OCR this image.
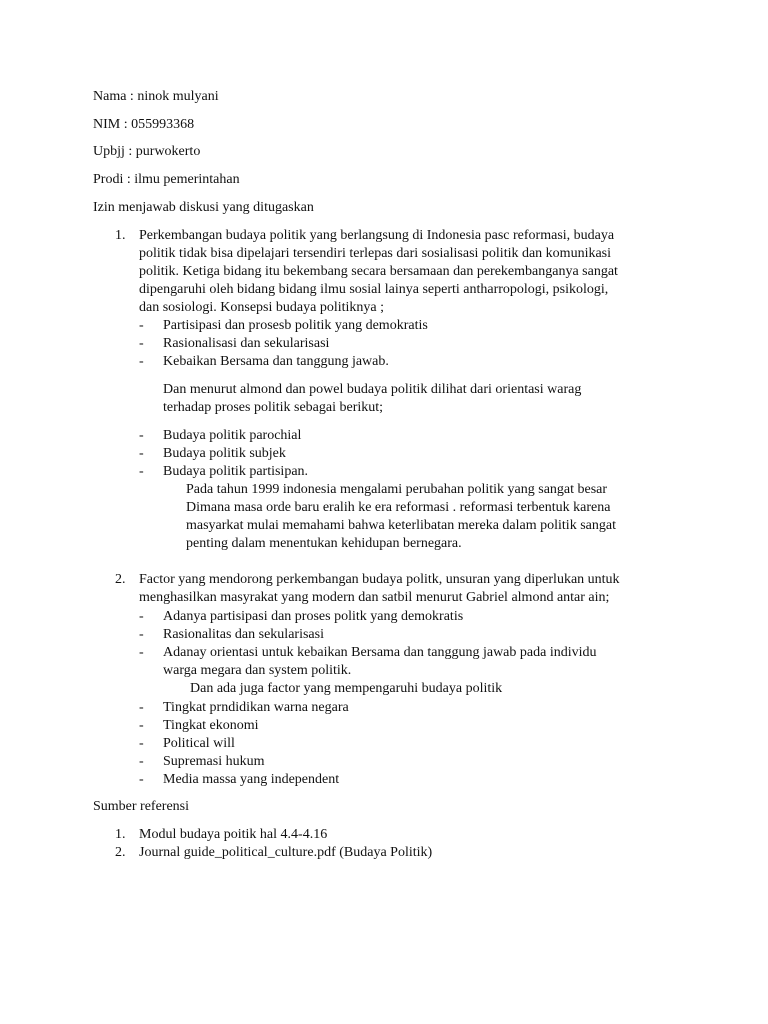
Nama : ninok mulyani
NIM : 055993368
Upbjj : purwokerto
Prodi : ilmu pemerintahan
Izin menjawab diskusi yang ditugaskan
1. Perkembangan budaya politik yang berlangsung di Indonesia pasc reformasi, budaya
politik tidak bisa dipelajari tersendiri terlepas dari sosialisasi politik dan komunikasi
politik. Ketiga bidang itu bekembang secara bersamaan dan perekembanganya sangat
dipengaruhi oleh bidang bidang ilmu sosial lainya seperti antharropologi, psikologi,
dan sosiologi. Konsepsi budaya politiknya ;
- Partisipasi dan prosesb politik yang demokratis
- Rasionalisasi dan sekularisasi
- Kebaikan Bersama dan tanggung jawab.
Dan menurut almond dan powel budaya politik dilihat dari orientasi warag
terhadap proses politik sebagai berikut;
- Budaya politik parochial
- Budaya politik subjek
- Budaya politik partisipan.
Pada tahun 1999 indonesia mengalami perubahan politik yang sangat besar
Dimana masa orde baru eralih ke era reformasi . reformasi terbentuk karena
masyarkat mulai memahami bahwa keterlibatan mereka dalam politik sangat
penting dalam menentukan kehidupan bernegara.
2. Factor yang mendorong perkembangan budaya politk, unsuran yang diperlukan untuk
menghasilkan masyrakat yang modern dan satbil menurut Gabriel almond antar ain;
- Adanya partisipasi dan proses politk yang demokratis
- Rasionalitas dan sekularisasi
- Adanay orientasi untuk kebaikan Bersama dan tanggung jawab pada individu
warga megara dan system politik.
Dan ada juga factor yang mempengaruhi budaya politik
- Tingkat prndidikan warna negara
- Tingkat ekonomi
- Political will
- Supremasi hukum
- Media massa yang independent
Sumber referensi
1. Modul budaya poitik hal 4.4-4.16
2. Journal guide_political_culture.pdf (Budaya Politik)
